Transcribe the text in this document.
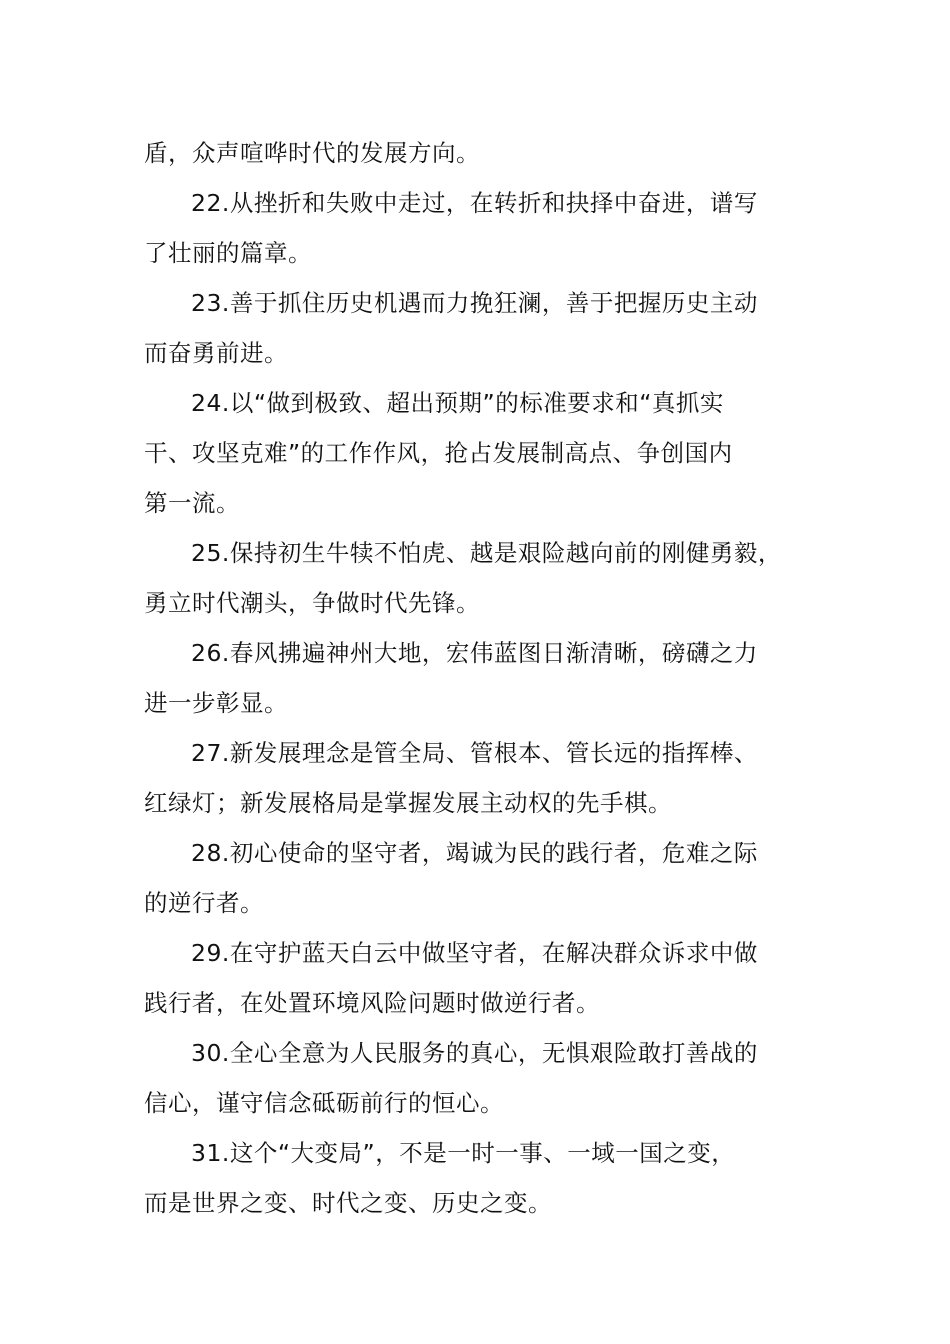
盾，众声喧哗时代的发展方向。
22.从挫折和失败中走过，在转折和抉择中奋进，谱写
了壮丽的篇章。
23.善于抓住历史机遇而力挽狂澜，善于把握历史主动
而奋勇前进。
24.以“做到极致、超出预期”的标准要求和“真抓实
干、攻坚克难”的工作作风，抢占发展制高点、争创国内
第一流。
25.保持初生牛犊不怕虎、越是艰险越向前的刚健勇毅，
勇立时代潮头，争做时代先锋。
26.春风拂遍神州大地，宏伟蓝图日渐清晰，磅礴之力
进一步彰显。
27.新发展理念是管全局、管根本、管长远的指挥棒、
红绿灯；新发展格局是掌握发展主动权的先手棋。
28.初心使命的坚守者，竭诚为民的践行者，危难之际
的逆行者。
29.在守护蓝天白云中做坚守者，在解决群众诉求中做
践行者，在处置环境风险问题时做逆行者。
30.全心全意为人民服务的真心，无惧艰险敢打善战的
信心，谨守信念砥砺前行的恒心。
31.这个“大变局”，不是一时一事、一域一国之变，
而是世界之变、时代之变、历史之变。
